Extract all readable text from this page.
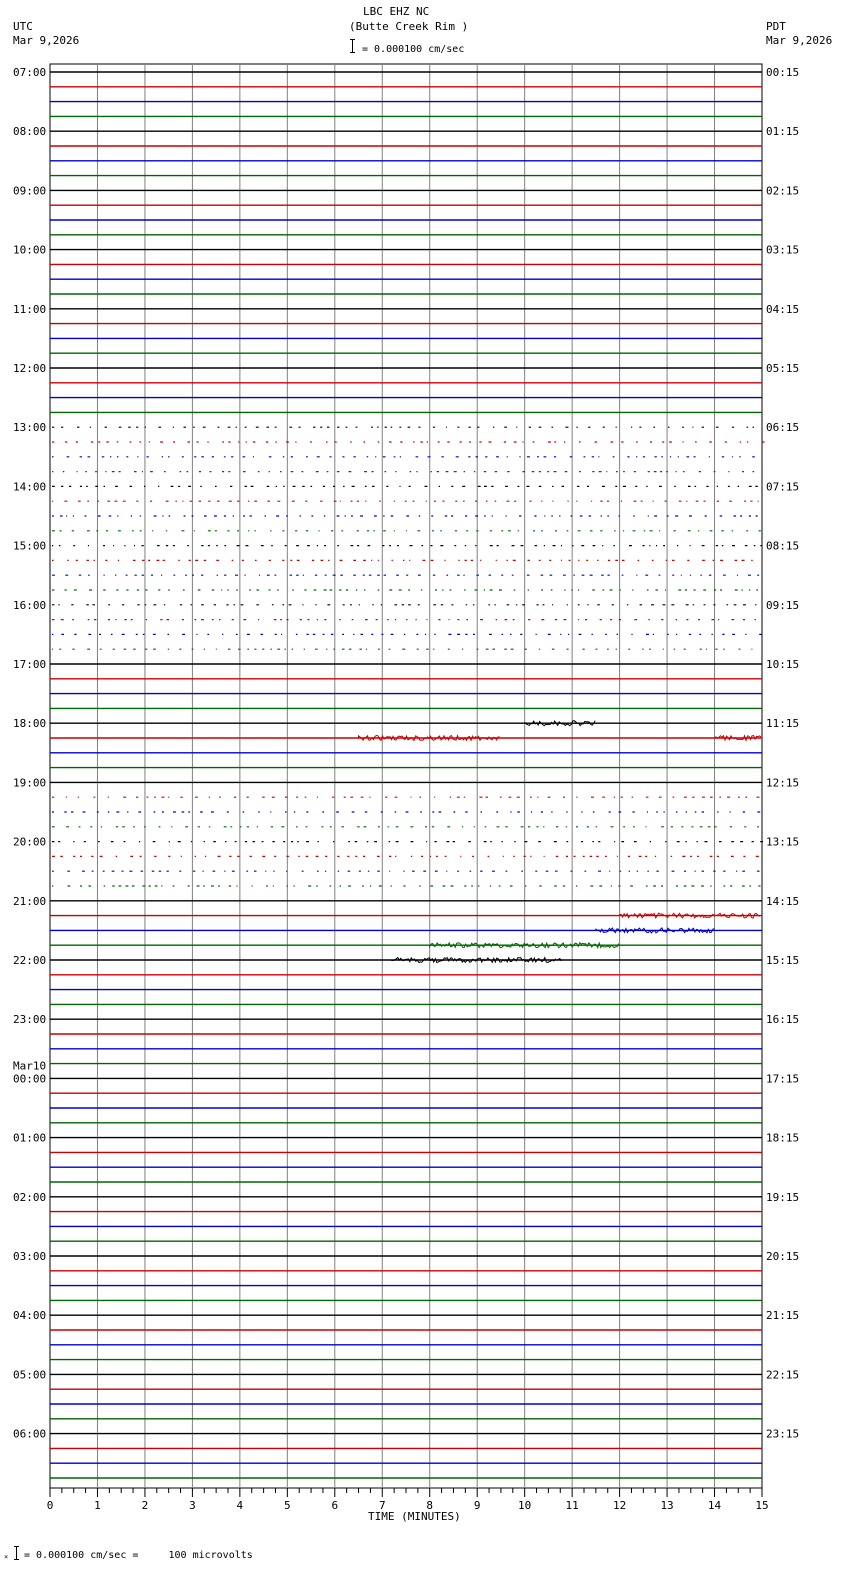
LBC EHZ NC
(Butte Creek Rim )
= 0.000100 cm/sec
UTC
Mar 9,2026
PDT
Mar 9,2026
07:00
08:00
09:00
10:00
11:00
12:00
13:00
14:00
15:00
16:00
17:00
18:00
19:00
20:00
21:00
22:00
23:00
Mar10
00:00
01:00
02:00
03:00
04:00
05:00
06:00
00:15
01:15
02:15
03:15
04:15
05:15
06:15
07:15
08:15
09:15
10:15
11:15
12:15
13:15
14:15
15:15
16:15
17:15
18:15
19:15
20:15
21:15
22:15
23:15
0	1	2	3	4	5	6	7	8	9	10	11	12	13	14	15
TIME (MINUTES)
× = 0.000100 cm/sec =     100 microvolts
